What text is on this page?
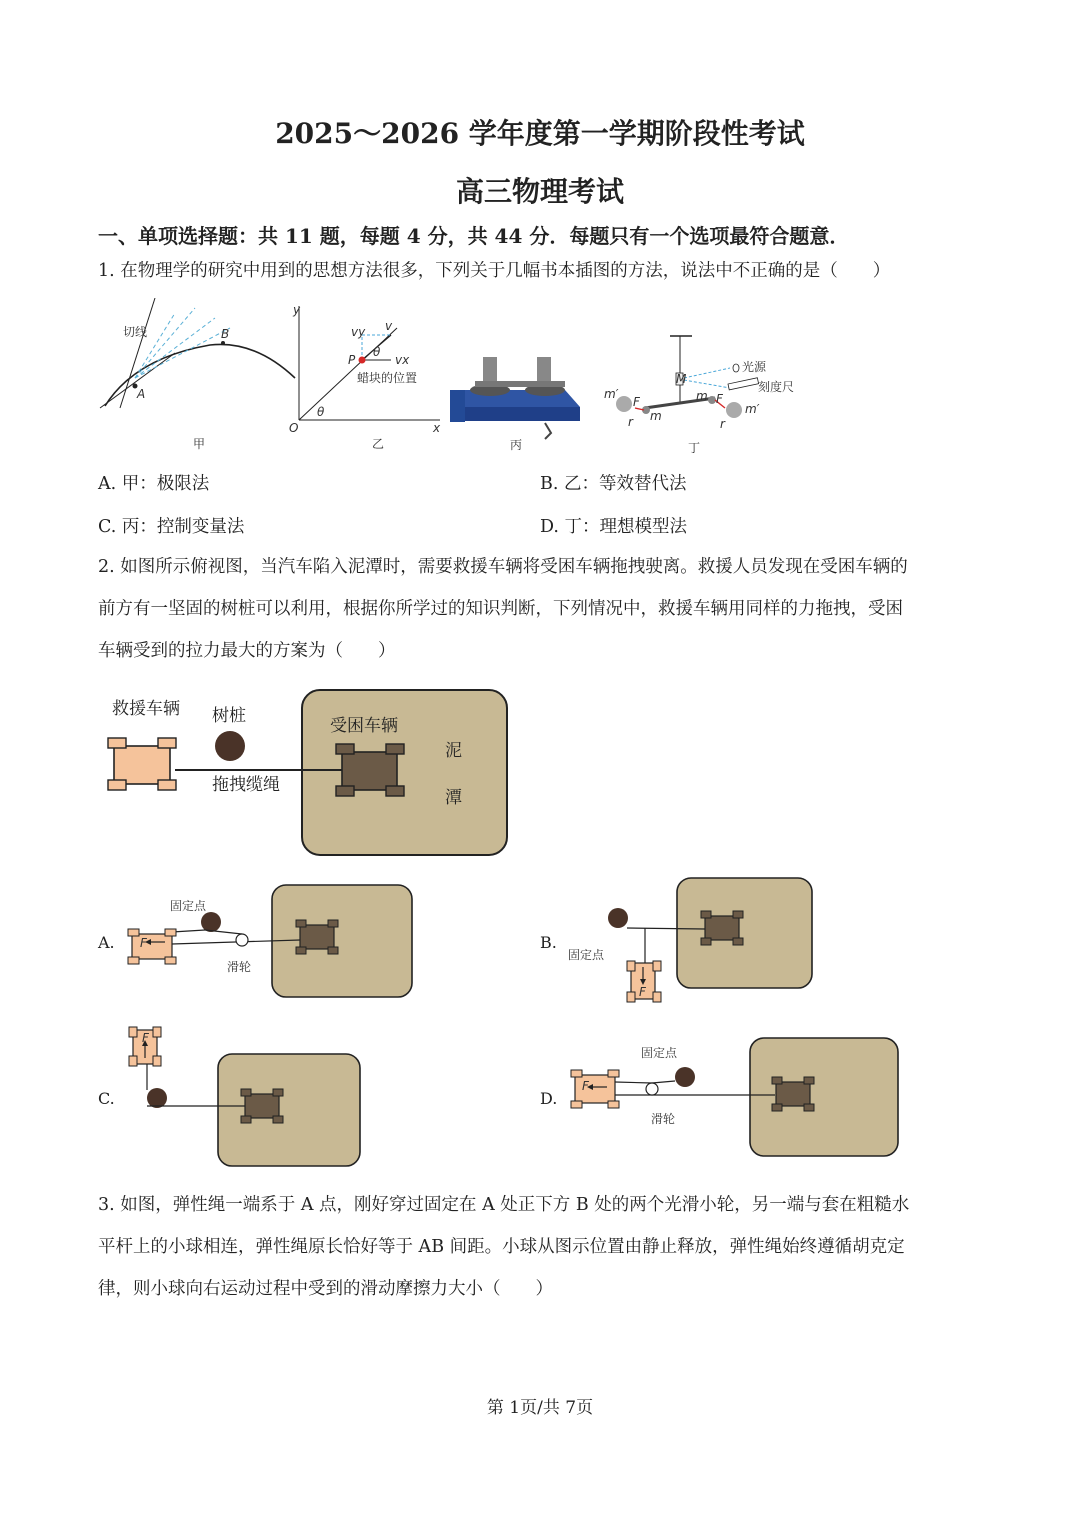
2025～2026 学年度第一学期阶段性考试
高三物理考试
一、单项选择题：共 11 题，每题 4 分，共 44 分．每题只有一个选项最符合题意．
1. 在物理学的研究中用到的思想方法很多，下列关于几幅书本插图的方法，说法中不正确的是（　　）
切线
A
B
甲
y
x
O
P
θ
θ
v
vy
vx
蜡块的位置
乙	丙
M
光源
刻度尺
m′
m′
F	F
m
m
r	r
丁
A. 甲：极限法	B. 乙：等效替代法
C. 丙：控制变量法	D. 丁：理想模型法
2. 如图所示俯视图，当汽车陷入泥潭时，需要救援车辆将受困车辆拖拽驶离。救援人员发现在受困车辆的
前方有一坚固的树桩可以利用，根据你所学过的知识判断，下列情况中，救援车辆用同样的力拖拽，受困
车辆受到的拉力最大的方案为（　　）
救援车辆 树桩	受困车辆
拖拽缆绳
泥
潭
A. F
固定点
滑轮
B.
F
固定点
C.
F
D.
F
固定点
滑轮
3. 如图，弹性绳一端系于 A 点，刚好穿过固定在 A 处正下方 B 处的两个光滑小轮，另一端与套在粗糙水
平杆上的小球相连，弹性绳原长恰好等于 AB 间距。小球从图示位置由静止释放，弹性绳始终遵循胡克定
律，则小球向右运动过程中受到的滑动摩擦力大小（　　）
第 1页/共 7页
